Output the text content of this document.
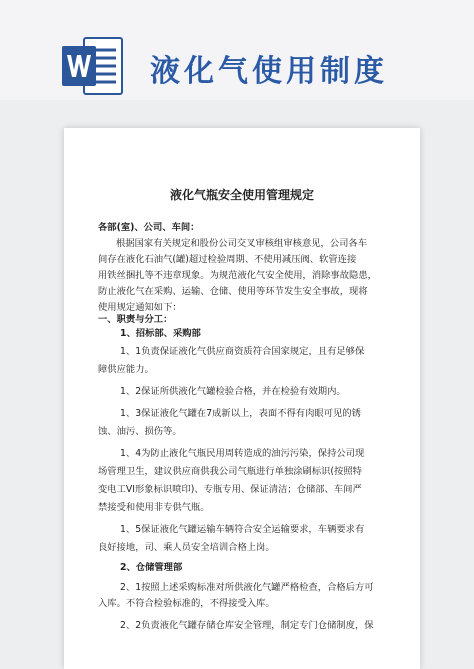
液化气使用制度
液化气瓶安全使用管理规定
各部(室)、公司、车间：
根据国家有关规定和股份公司交叉审核组审核意见，公司各车
间存在液化石油气(罐)超过检验周期、不使用减压阀、软管连接
用铁丝捆扎等不违章现象。为规范液化气安全使用，消除事故隐患，
防止液化气在采购、运输、仓储、使用等环节发生安全事故，现将
使用规定通知如下：
一、职责与分工：
1、招标部、采购部
1、1负责保证液化气供应商资质符合国家规定，且有足够保
障供应能力。
1、2保证所供液化气罐检验合格，并在检验有效期内。
1、3保证液化气罐在7成新以上，表面不得有肉眼可见的锈
蚀、油污、损伤等。
1、4为防止液化气瓶民用周转造成的油污污染，保持公司现
场管理卫生，建议供应商供我公司气瓶进行单独涂刷标识(按照特
变电工VI形象标识喷印)、专瓶专用、保证清洁；仓储部、车间严
禁接受和使用非专供气瓶。
1、5保证液化气罐运输车辆符合安全运输要求，车辆要求有
良好接地，司、乘人员安全培训合格上岗。
2、仓储管理部
2、1按照上述采购标准对所供液化气罐严格检查，合格后方可
入库。不符合检验标准的，不得接受入库。
2、2负责液化气罐存储仓库安全管理，制定专门仓储制度，保
